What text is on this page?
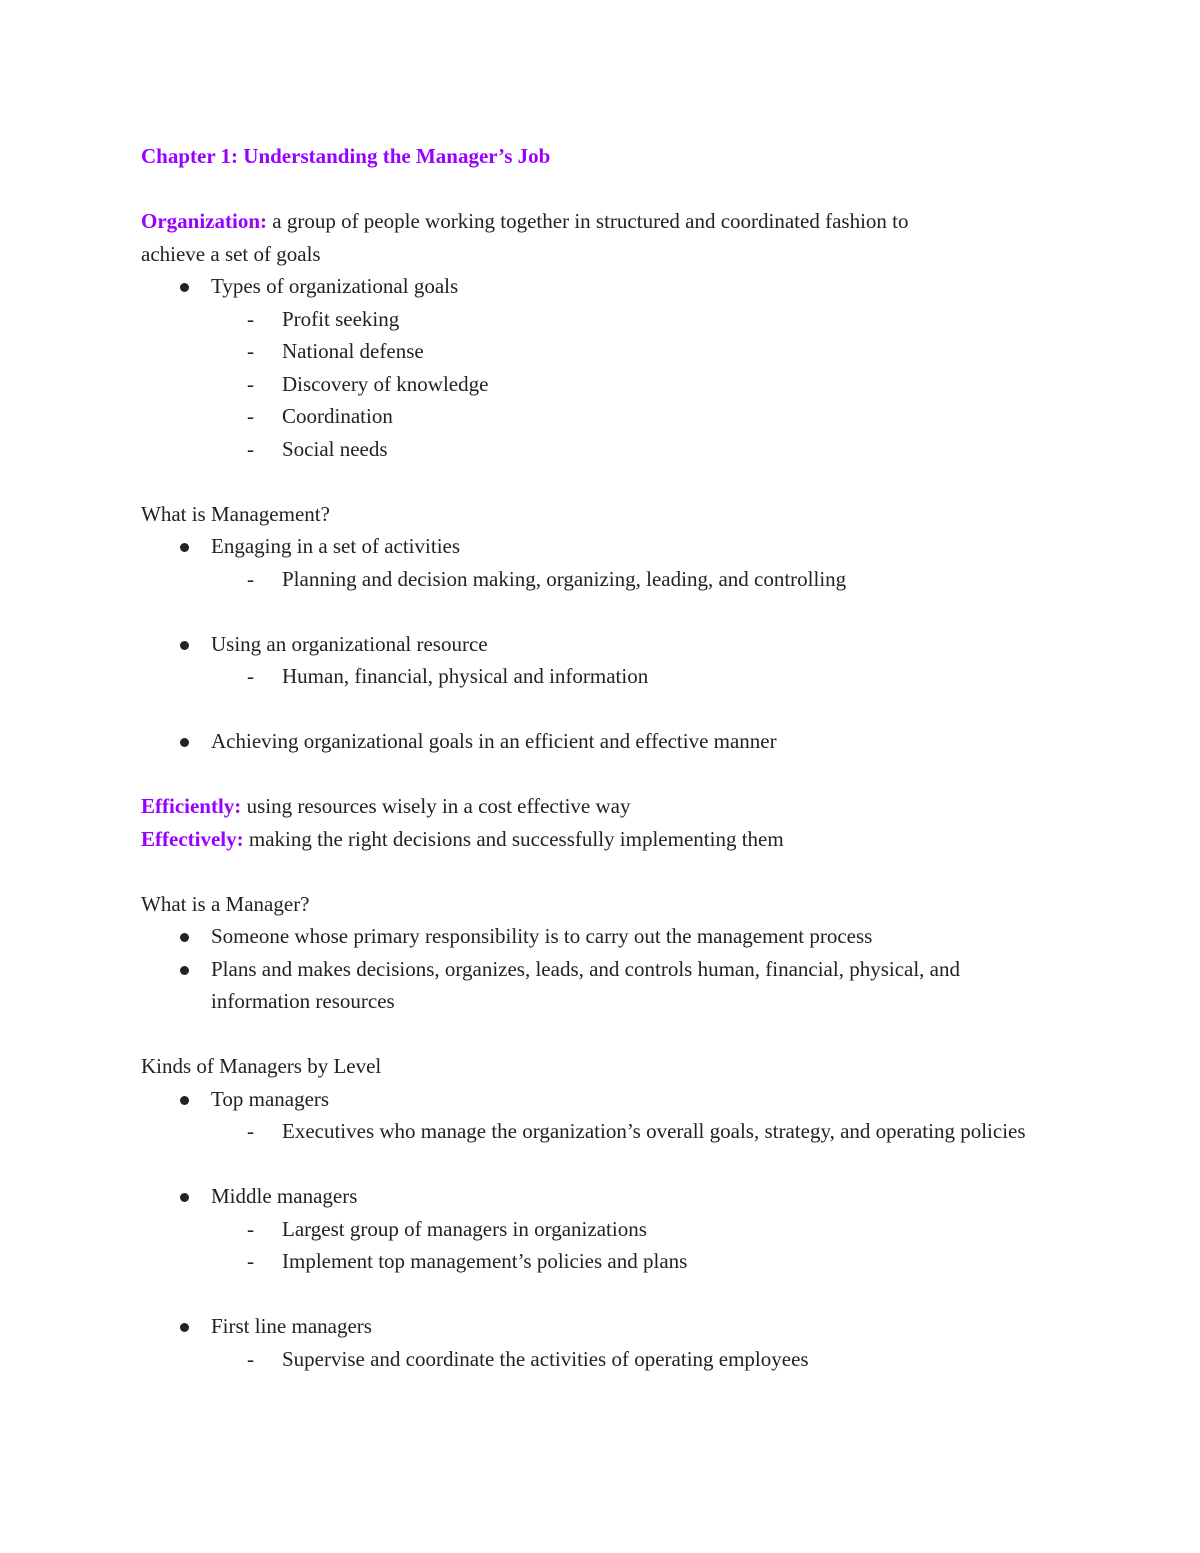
Chapter 1: Understanding the Manager’s Job
Organization: a group of people working together in structured and coordinated fashion to
achieve a set of goals
Types of organizational goals
- Profit seeking
- National defense
- Discovery of knowledge
- Coordination
- Social needs
What is Management?
Engaging in a set of activities
- Planning and decision making, organizing, leading, and controlling
Using an organizational resource
- Human, financial, physical and information
Achieving organizational goals in an efficient and effective manner
Efficiently: using resources wisely in a cost effective way
Effectively: making the right decisions and successfully implementing them
What is a Manager?
Someone whose primary responsibility is to carry out the management process
Plans and makes decisions, organizes, leads, and controls human, financial, physical, and information resources
Kinds of Managers by Level
Top managers
- Executives who manage the organization’s overall goals, strategy, and operating policies
Middle managers
- Largest group of managers in organizations
- Implement top management’s policies and plans
First line managers
- Supervise and coordinate the activities of operating employees
